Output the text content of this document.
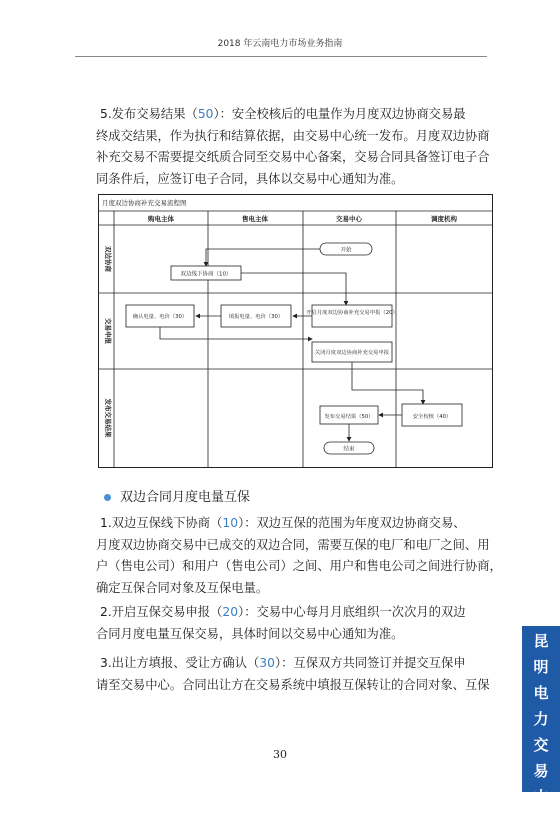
2018 年云南电力市场业务指南
5.发布交易结果（50）：安全校核后的电量作为月度双边协商交易最
终成交结果，作为执行和结算依据，由交易中心统一发布。月度双边协商
补充交易不需要提交纸质合同至交易中心备案，交易合同具备签订电子合
同条件后，应签订电子合同，具体以交易中心通知为准。
月度双边协商补充交易流程图
购电主体	售电主体	交易中心	调度机构
双边协商
交易申报
发布交易结果
开始
双边线下协商（10）
开启月度双边协商补充交易申报（20）
填报电量、电价（30）
确认电量、电价（30）
关闭月度双边协商补充交易申报
安全校核（40）
发布交易结果（50）
结束
双边合同月度电量互保
1.双边互保线下协商（10）：双边互保的范围为年度双边协商交易、
月度双边协商交易中已成交的双边合同，需要互保的电厂和电厂之间、用
户（售电公司）和用户（售电公司）之间、用户和售电公司之间进行协商，
确定互保合同对象及互保电量。
2.开启互保交易申报（20）：交易中心每月月底组织一次次月的双边
合同月度电量互保交易，具体时间以交易中心通知为准。
3.出让方填报、受让方确认（30）：互保双方共同签订并提交互保申
请至交易中心。合同出让方在交易系统中填报互保转让的合同对象、互保
30
昆
明
电
力
交
易
中
心
